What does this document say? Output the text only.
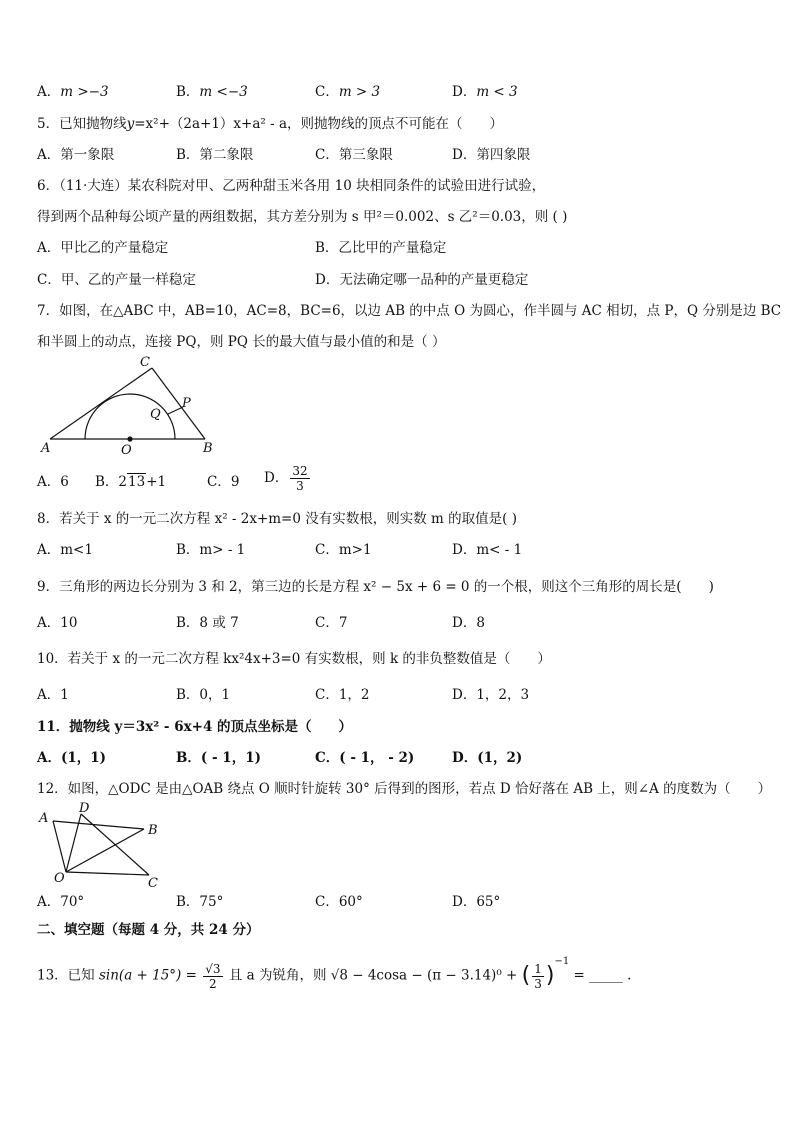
A．m >−3	B．m <−3	C．m > 3	D．m < 3
5．已知抛物线y=x²+（2a+1）x+a² - a，则抛物线的顶点不可能在（　　）
A．第一象限	B．第二象限	C．第三象限	D．第四象限
6．（11·大连）某农科院对甲、乙两种甜玉米各用 10 块相同条件的试验田进行试验，
得到两个品种每公顷产量的两组数据，其方差分别为 s 甲²＝0.002、s 乙²＝0.03，则 ( )
A．甲比乙的产量稳定	B．乙比甲的产量稳定
C．甲、乙的产量一样稳定	D．无法确定哪一品种的产量更稳定
7．如图，在△ABC 中，AB=10，AC=8，BC=6，以边 AB 的中点 O 为圆心，作半圆与 AC 相切，点 P，Q 分别是边 BC
和半圆上的动点，连接 PQ，则 PQ 长的最大值与最小值的和是（ ）
A	B
C
O
P
Q
A．6 B．213+1	C．9 D． $\frac{32}{3}$
8．若关于 x 的一元二次方程 x² - 2x+m=0 没有实数根，则实数 m 的取值是( )
A．m<1	B．m> - 1	C．m>1	D．m< - 1
9．三角形的两边长分别为 3 和 2，第三边的长是方程 x² − 5x + 6 = 0 的一个根，则这个三角形的周长是(　　)
A．10	B．8 或 7	C．7	D．8
10．若关于 x 的一元二次方程 kx²4x+3=0 有实数根，则 k 的非负整数值是（　　）
A．1	B．0，1	C．1，2	D．1，2，3
11．抛物线 y＝3x² - 6x+4 的顶点坐标是（　　）
A．(1，1)	B．( - 1，1)	C．( - 1， - 2)	D．(1，2)
12．如图，△ODC 是由△OAB 绕点 O 顺时针旋转 30° 后得到的图形，若点 D 恰好落在 AB 上，则∠A 的度数为（　　）
A
D
B
O	C
A．70°	B．75°	C．60°	D．65°
二、填空题（每题 4 分，共 24 分）
13．已知 $\sin(a + 15^\circ) = \frac{√3}{2}$ 且 a 为锐角，则 √8 − 4cosa − (π − 3.14)⁰ + ( $\frac{1}{3} )^{-1}$ = _____ .
